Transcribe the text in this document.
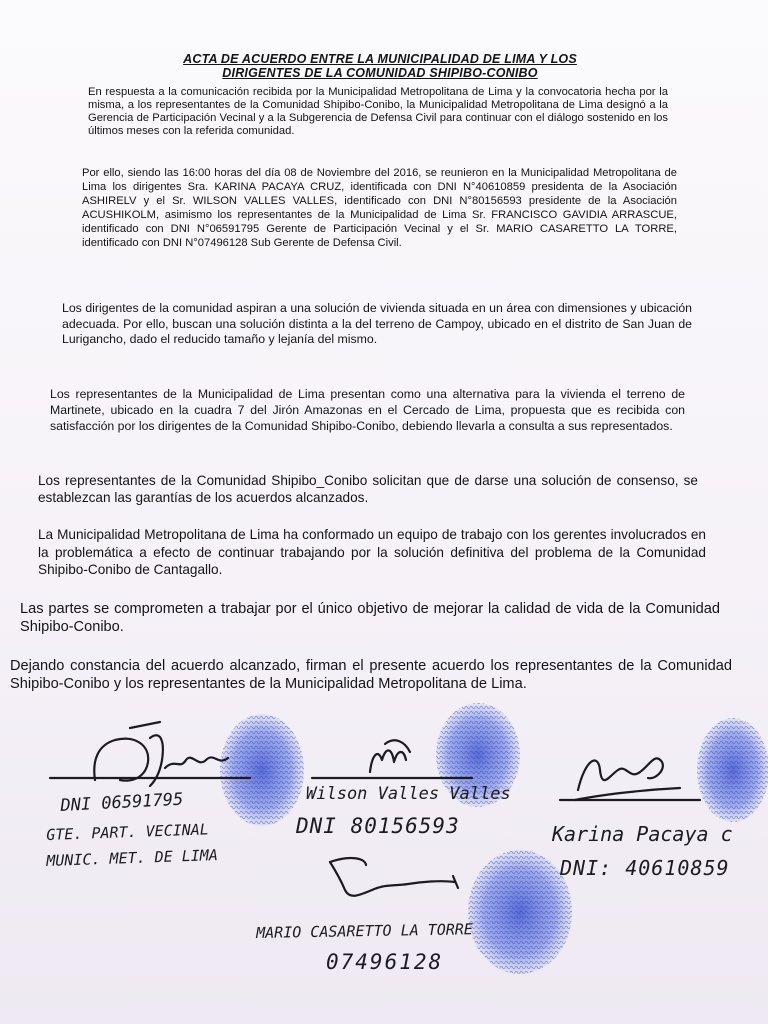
ACTA DE ACUERDO ENTRE LA MUNICIPALIDAD DE LIMA Y LOS
DIRIGENTES DE LA COMUNIDAD SHIPIBO-CONIBO
En respuesta a la comunicación recibida por la Municipalidad Metropolitana de Lima y la convocatoria hecha por la misma, a los representantes de la Comunidad Shipibo-Conibo, la Municipalidad Metropolitana de Lima designó a la Gerencia de Participación Vecinal y a la Subgerencia de Defensa Civil para continuar con el diálogo sostenido en los últimos meses con la referida comunidad.
Por ello, siendo las 16:00 horas del día 08 de Noviembre del 2016, se reunieron en la Municipalidad Metropolitana de Lima los dirigentes Sra. KARINA PACAYA CRUZ, identificada con DNI N°40610859 presidenta de la Asociación ASHIRELV y el Sr. WILSON VALLES VALLES, identificado con DNI N°80156593 presidente de la Asociación ACUSHIKOLM, asimismo los representantes de la Municipalidad de Lima Sr. FRANCISCO GAVIDIA ARRASCUE, identificado con DNI N°06591795 Gerente de Participación Vecinal y el Sr. MARIO CASARETTO LA TORRE, identificado con DNI N°07496128 Sub Gerente de Defensa Civil.
Los dirigentes de la comunidad aspiran a una solución de vivienda situada en un área con dimensiones y ubicación adecuada. Por ello, buscan una solución distinta a la del terreno de Campoy, ubicado en el distrito de San Juan de Lurigancho, dado el reducido tamaño y lejanía del mismo.
Los representantes de la Municipalidad de Lima presentan como una alternativa para la vivienda el terreno de Martinete, ubicado en la cuadra 7 del Jirón Amazonas en el Cercado de Lima, propuesta que es recibida con satisfacción por los dirigentes de la Comunidad Shipibo-Conibo, debiendo llevarla a consulta a sus representados.
Los representantes de la Comunidad Shipibo_Conibo solicitan que de darse una solución de consenso, se establezcan las garantías de los acuerdos alcanzados.
La Municipalidad Metropolitana de Lima ha conformado un equipo de trabajo con los gerentes involucrados en la problemática a efecto de continuar trabajando por la solución definitiva del problema de la Comunidad Shipibo-Conibo de Cantagallo.
Las partes se comprometen a trabajar por el único objetivo de mejorar la calidad de vida de la Comunidad Shipibo-Conibo.
Dejando constancia del acuerdo alcanzado, firman el presente acuerdo los representantes de la Comunidad Shipibo-Conibo y los representantes de la Municipalidad Metropolitana de Lima.
DNI 06591795
GTE. PART. VECINAL
MUNIC. MET. DE LIMA
Wilson Valles Valles
DNI 80156593	Karina Pacaya c
DNI: 40610859
MARIO CASARETTO LA TORRE
07496128
